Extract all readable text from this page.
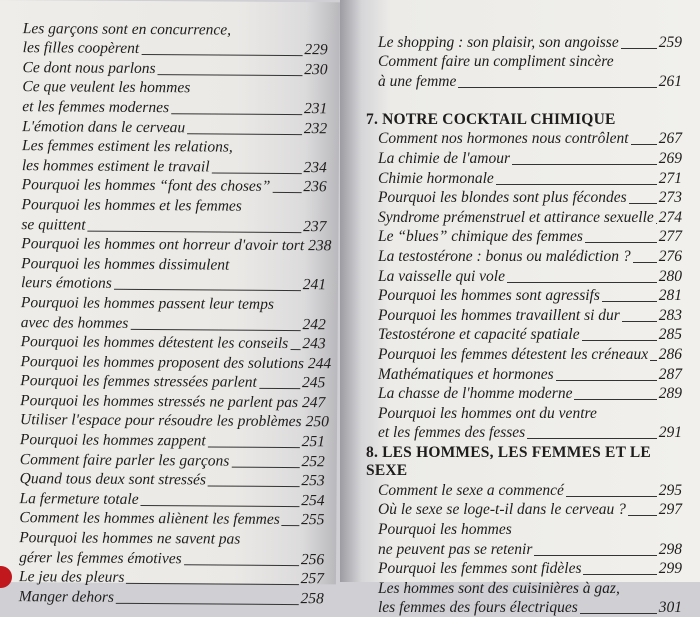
Les garçons sont en concurrence,
les filles coopèrent	229
Ce dont nous parlons	230
Ce que veulent les hommes
et les femmes modernes	231
L'émotion dans le cerveau	232
Les femmes estiment les relations,
les hommes estiment le travail	234
Pourquoi les hommes “font des choses” 236
Pourquoi les hommes et les femmes
se quittent	237
Pourquoi les hommes ont horreur d'avoir tort 238
Pourquoi les hommes dissimulent
leurs émotions	241
Pourquoi les hommes passent leur temps
avec des hommes	242
Pourquoi les hommes détestent les conseils 243
Pourquoi les hommes proposent des solutions 244
Pourquoi les femmes stressées parlent	245
Pourquoi les hommes stressés ne parlent pas 247
Utiliser l'espace pour résoudre les problèmes 250
Pourquoi les hommes zappent	251
Comment faire parler les garçons	252
Quand tous deux sont stressés	253
La fermeture totale	254
Comment les hommes aliènent les femmes 255
Pourquoi les hommes ne savent pas
gérer les femmes émotives	256
Le jeu des pleurs	257
Manger dehors	258
Le shopping : son plaisir, son angoisse	259
Comment faire un compliment sincère
à une femme	261
7. NOTRE COCKTAIL CHIMIQUE
Comment nos hormones nous contrôlent 267
La chimie de l'amour	269
Chimie hormonale	271
Pourquoi les blondes sont plus fécondes 273
Syndrome prémenstruel et attirance sexuelle 274
Le “blues” chimique des femmes	277
La testostérone : bonus ou malédiction ? 276
La vaisselle qui vole	280
Pourquoi les hommes sont agressifs	281
Pourquoi les hommes travaillent si dur	283
Testostérone et capacité spatiale	285
Pourquoi les femmes détestent les créneaux 286
Mathématiques et hormones	287
La chasse de l'homme moderne	289
Pourquoi les hommes ont du ventre
et les femmes des fesses	291
8. LES HOMMES, LES FEMMES ET LE SEXE
Comment le sexe a commencé	295
Où le sexe se loge-t-il dans le cerveau ? 297
Pourquoi les hommes
ne peuvent pas se retenir	298
Pourquoi les femmes sont fidèles	299
Les hommes sont des cuisinières à gaz,
les femmes des fours électriques	301
